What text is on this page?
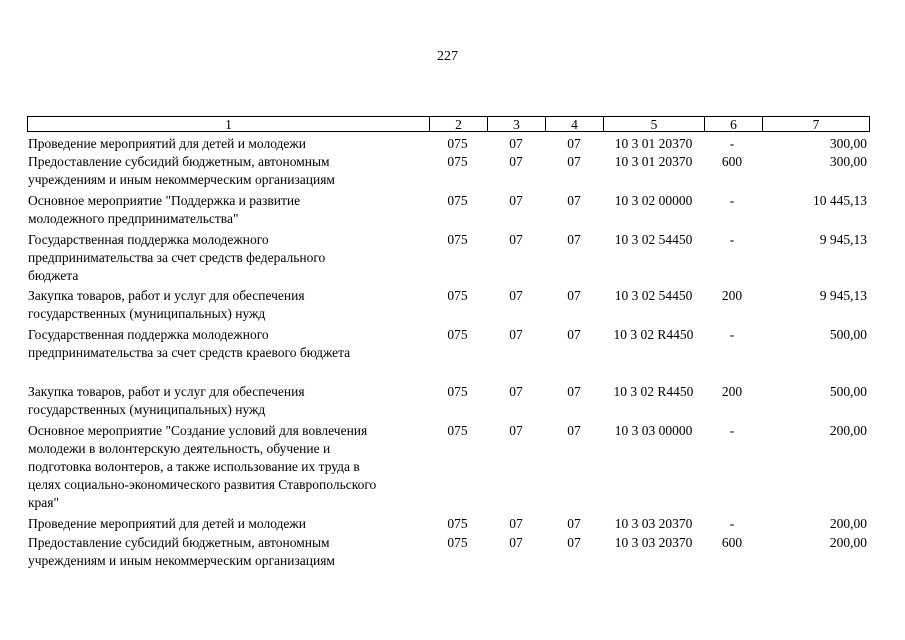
227
1	2	3	4	5	6	7
Проведение мероприятий для детей и молодежи	075	07	07	10 3 01 20370	-	300,00
Предоставление субсидий бюджетным, автономным
учреждениям и иным некоммерческим организациям
075	07	07	10 3 01 20370	600	300,00
Основное мероприятие "Поддержка и развитие
молодежного предпринимательства"
075	07	07	10 3 02 00000	-	10 445,13
Государственная поддержка молодежного
предпринимательства за счет средств федерального
бюджета
075	07	07	10 3 02 54450	-	9 945,13
Закупка товаров, работ и услуг для обеспечения
государственных (муниципальных) нужд
075	07	07	10 3 02 54450	200	9 945,13
Государственная поддержка молодежного
предпринимательства за счет средств краевого бюджета
075	07	07	10 3 02 R4450	-	500,00
Закупка товаров, работ и услуг для обеспечения
государственных (муниципальных) нужд
075	07	07	10 3 02 R4450	200	500,00
Основное мероприятие "Создание условий для вовлечения
молодежи в волонтерскую деятельность, обучение и
подготовка волонтеров, а также использование их труда в
целях социально-экономического развития Ставропольского
края"
075	07	07	10 3 03 00000	-	200,00
Проведение мероприятий для детей и молодежи	075	07	07	10 3 03 20370	-	200,00
Предоставление субсидий бюджетным, автономным
учреждениям и иным некоммерческим организациям
075	07	07	10 3 03 20370	600	200,00
